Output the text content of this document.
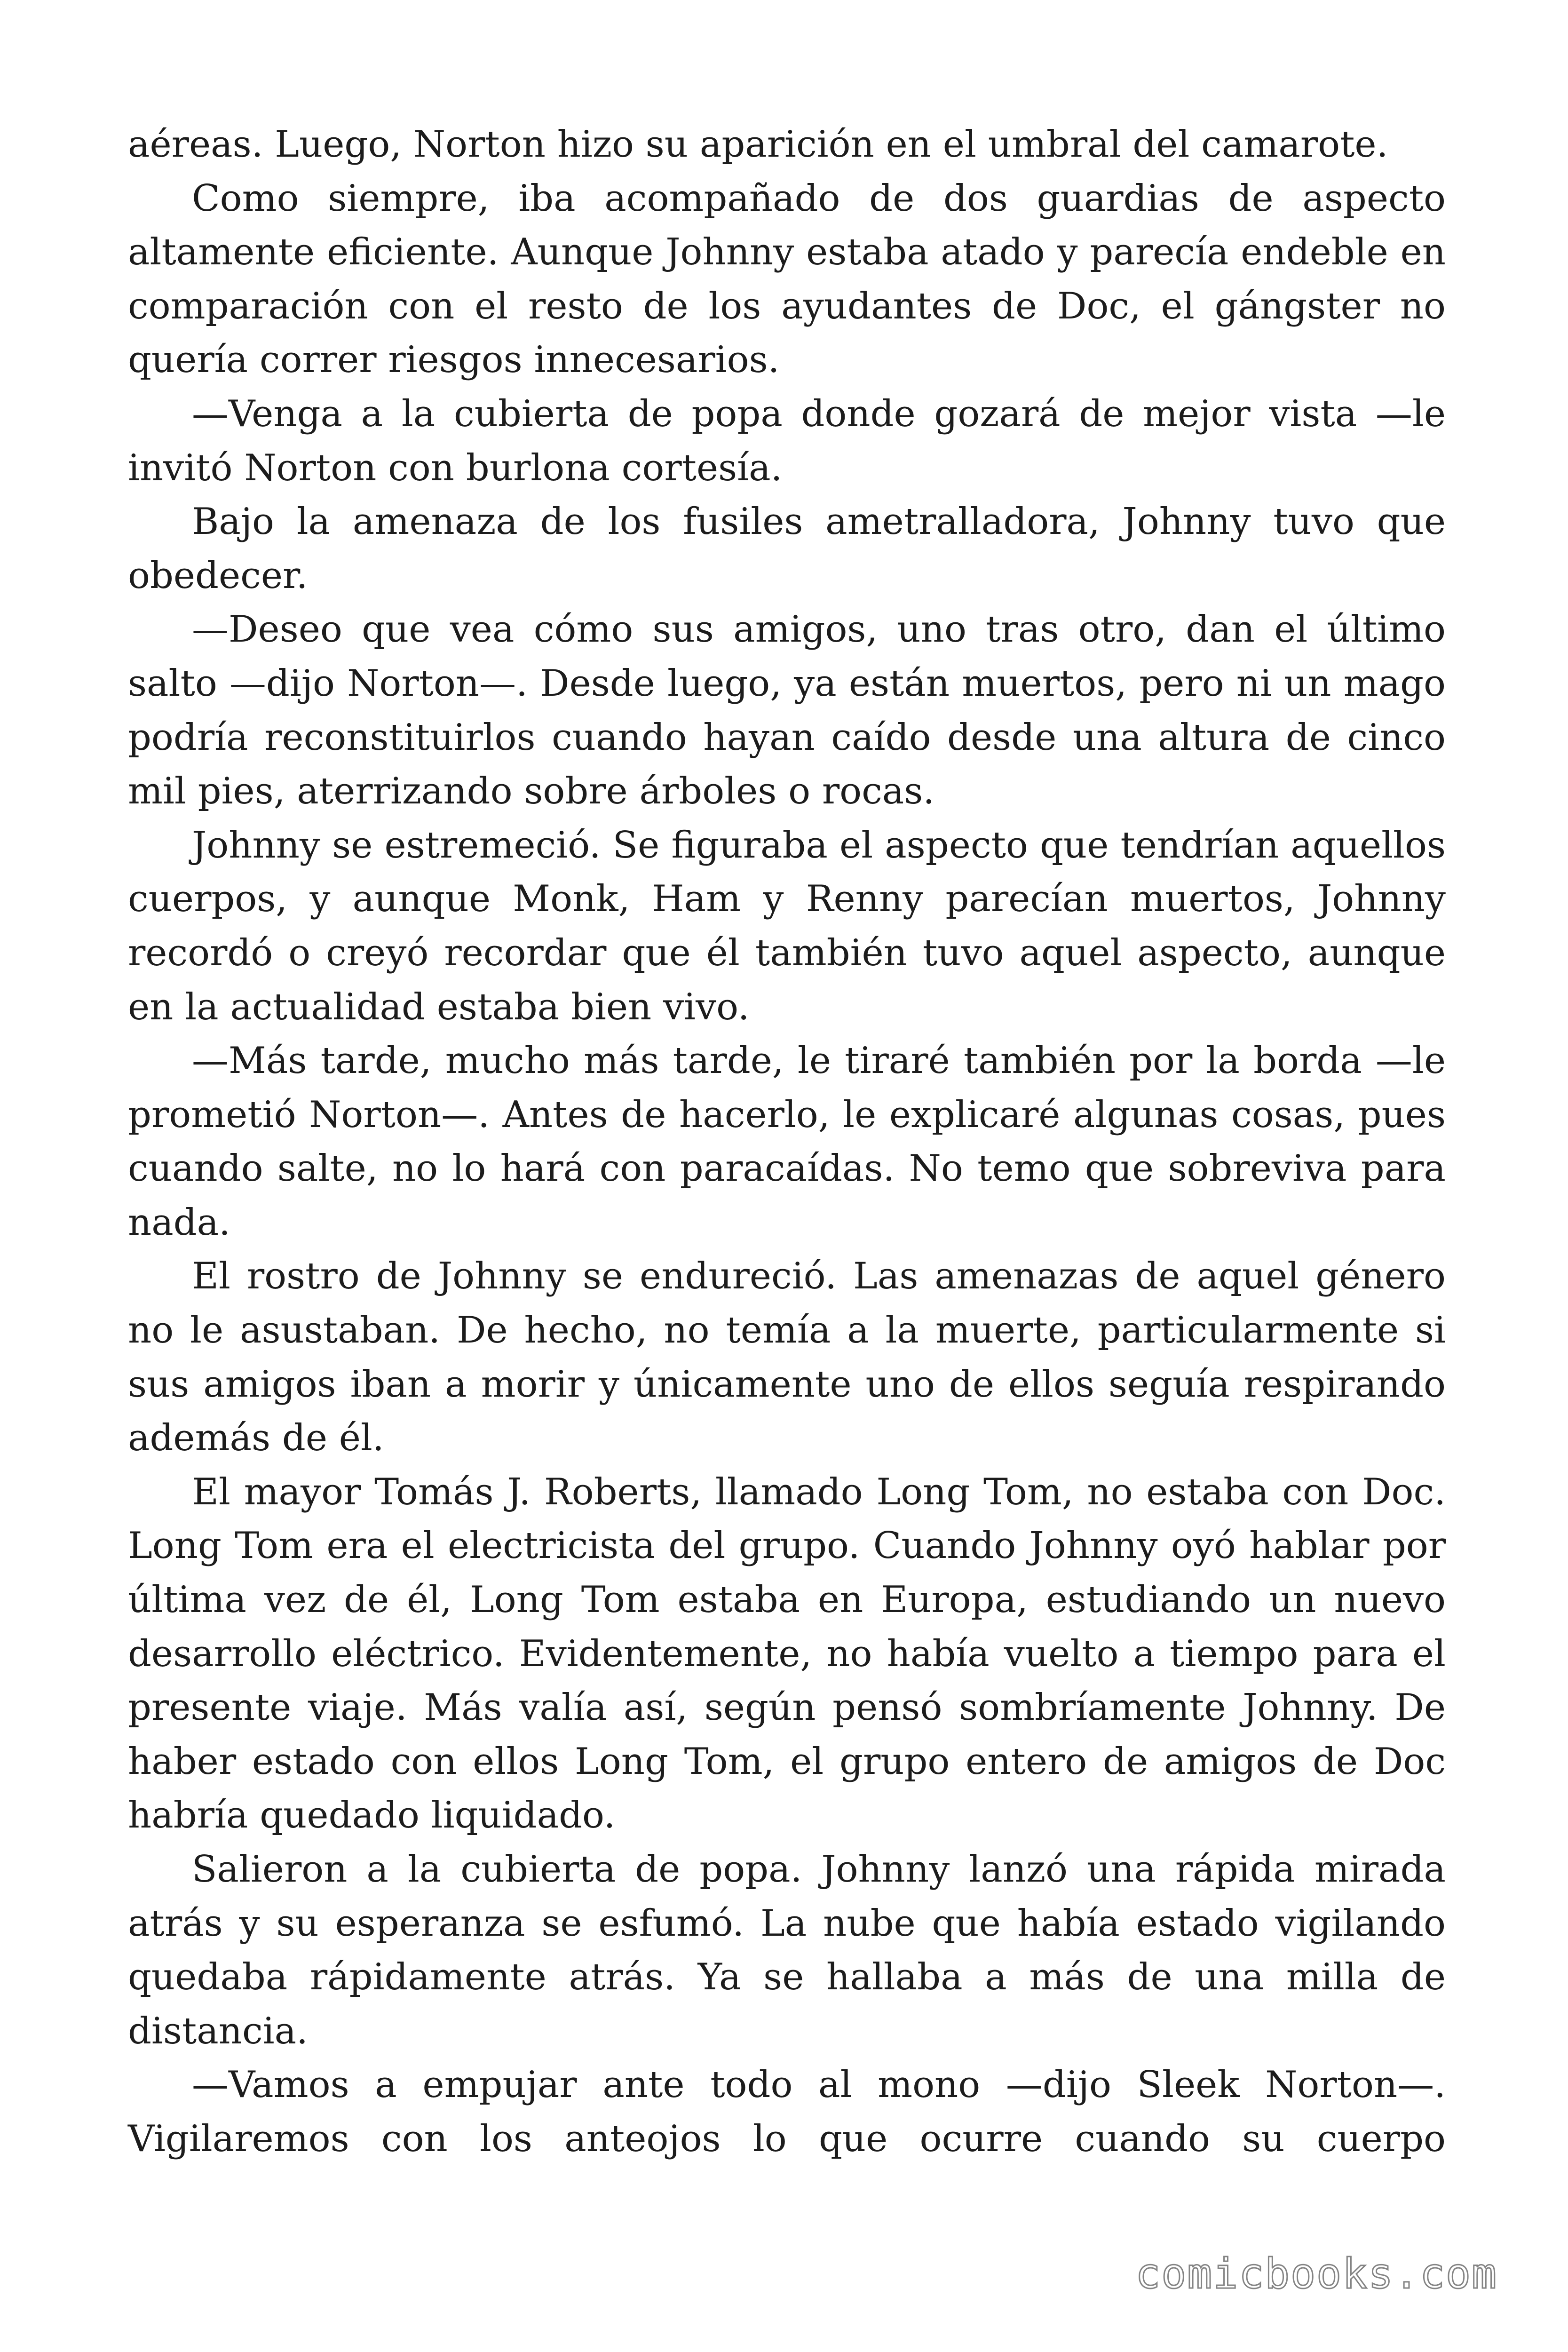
aéreas. Luego, Norton hizo su aparición en el umbral del camarote.

Como siempre, iba acompañado de dos guardias de aspecto altamente eficiente. Aunque Johnny estaba atado y parecía endeble en comparación con el resto de los ayudantes de Doc, el gángster no quería correr riesgos innecesarios.

—Venga a la cubierta de popa donde gozará de mejor vista —le invitó Norton con burlona cortesía.

Bajo la amenaza de los fusiles ametralladora, Johnny tuvo que obedecer.

—Deseo que vea cómo sus amigos, uno tras otro, dan el último salto —dijo Norton—. Desde luego, ya están muertos, pero ni un mago podría reconstituirlos cuando hayan caído desde una altura de cinco mil pies, aterrizando sobre árboles o rocas.

Johnny se estremeció. Se figuraba el aspecto que tendrían aquellos cuerpos, y aunque Monk, Ham y Renny parecían muertos, Johnny recordó o creyó recordar que él también tuvo aquel aspecto, aunque en la actualidad estaba bien vivo.

—Más tarde, mucho más tarde, le tiraré también por la borda —le prometió Norton—. Antes de hacerlo, le explicaré algunas cosas, pues cuando salte, no lo hará con paracaídas. No temo que sobreviva para nada.

El rostro de Johnny se endureció. Las amenazas de aquel género no le asustaban. De hecho, no temía a la muerte, particularmente si sus amigos iban a morir y únicamente uno de ellos seguía respirando además de él.

El mayor Tomás J. Roberts, llamado Long Tom, no estaba con Doc. Long Tom era el electricista del grupo. Cuando Johnny oyó hablar por última vez de él, Long Tom estaba en Europa, estudiando un nuevo desarrollo eléctrico. Evidentemente, no había vuelto a tiempo para el presente viaje. Más valía así, según pensó sombríamente Johnny. De haber estado con ellos Long Tom, el grupo entero de amigos de Doc habría quedado liquidado.

Salieron a la cubierta de popa. Johnny lanzó una rápida mirada atrás y su esperanza se esfumó. La nube que había estado vigilando quedaba rápidamente atrás. Ya se hallaba a más de una milla de distancia.

—Vamos a empujar ante todo al mono —dijo Sleek Norton—. Vigilaremos con los anteojos lo que ocurre cuando su cuerpo

comicbooks.com
